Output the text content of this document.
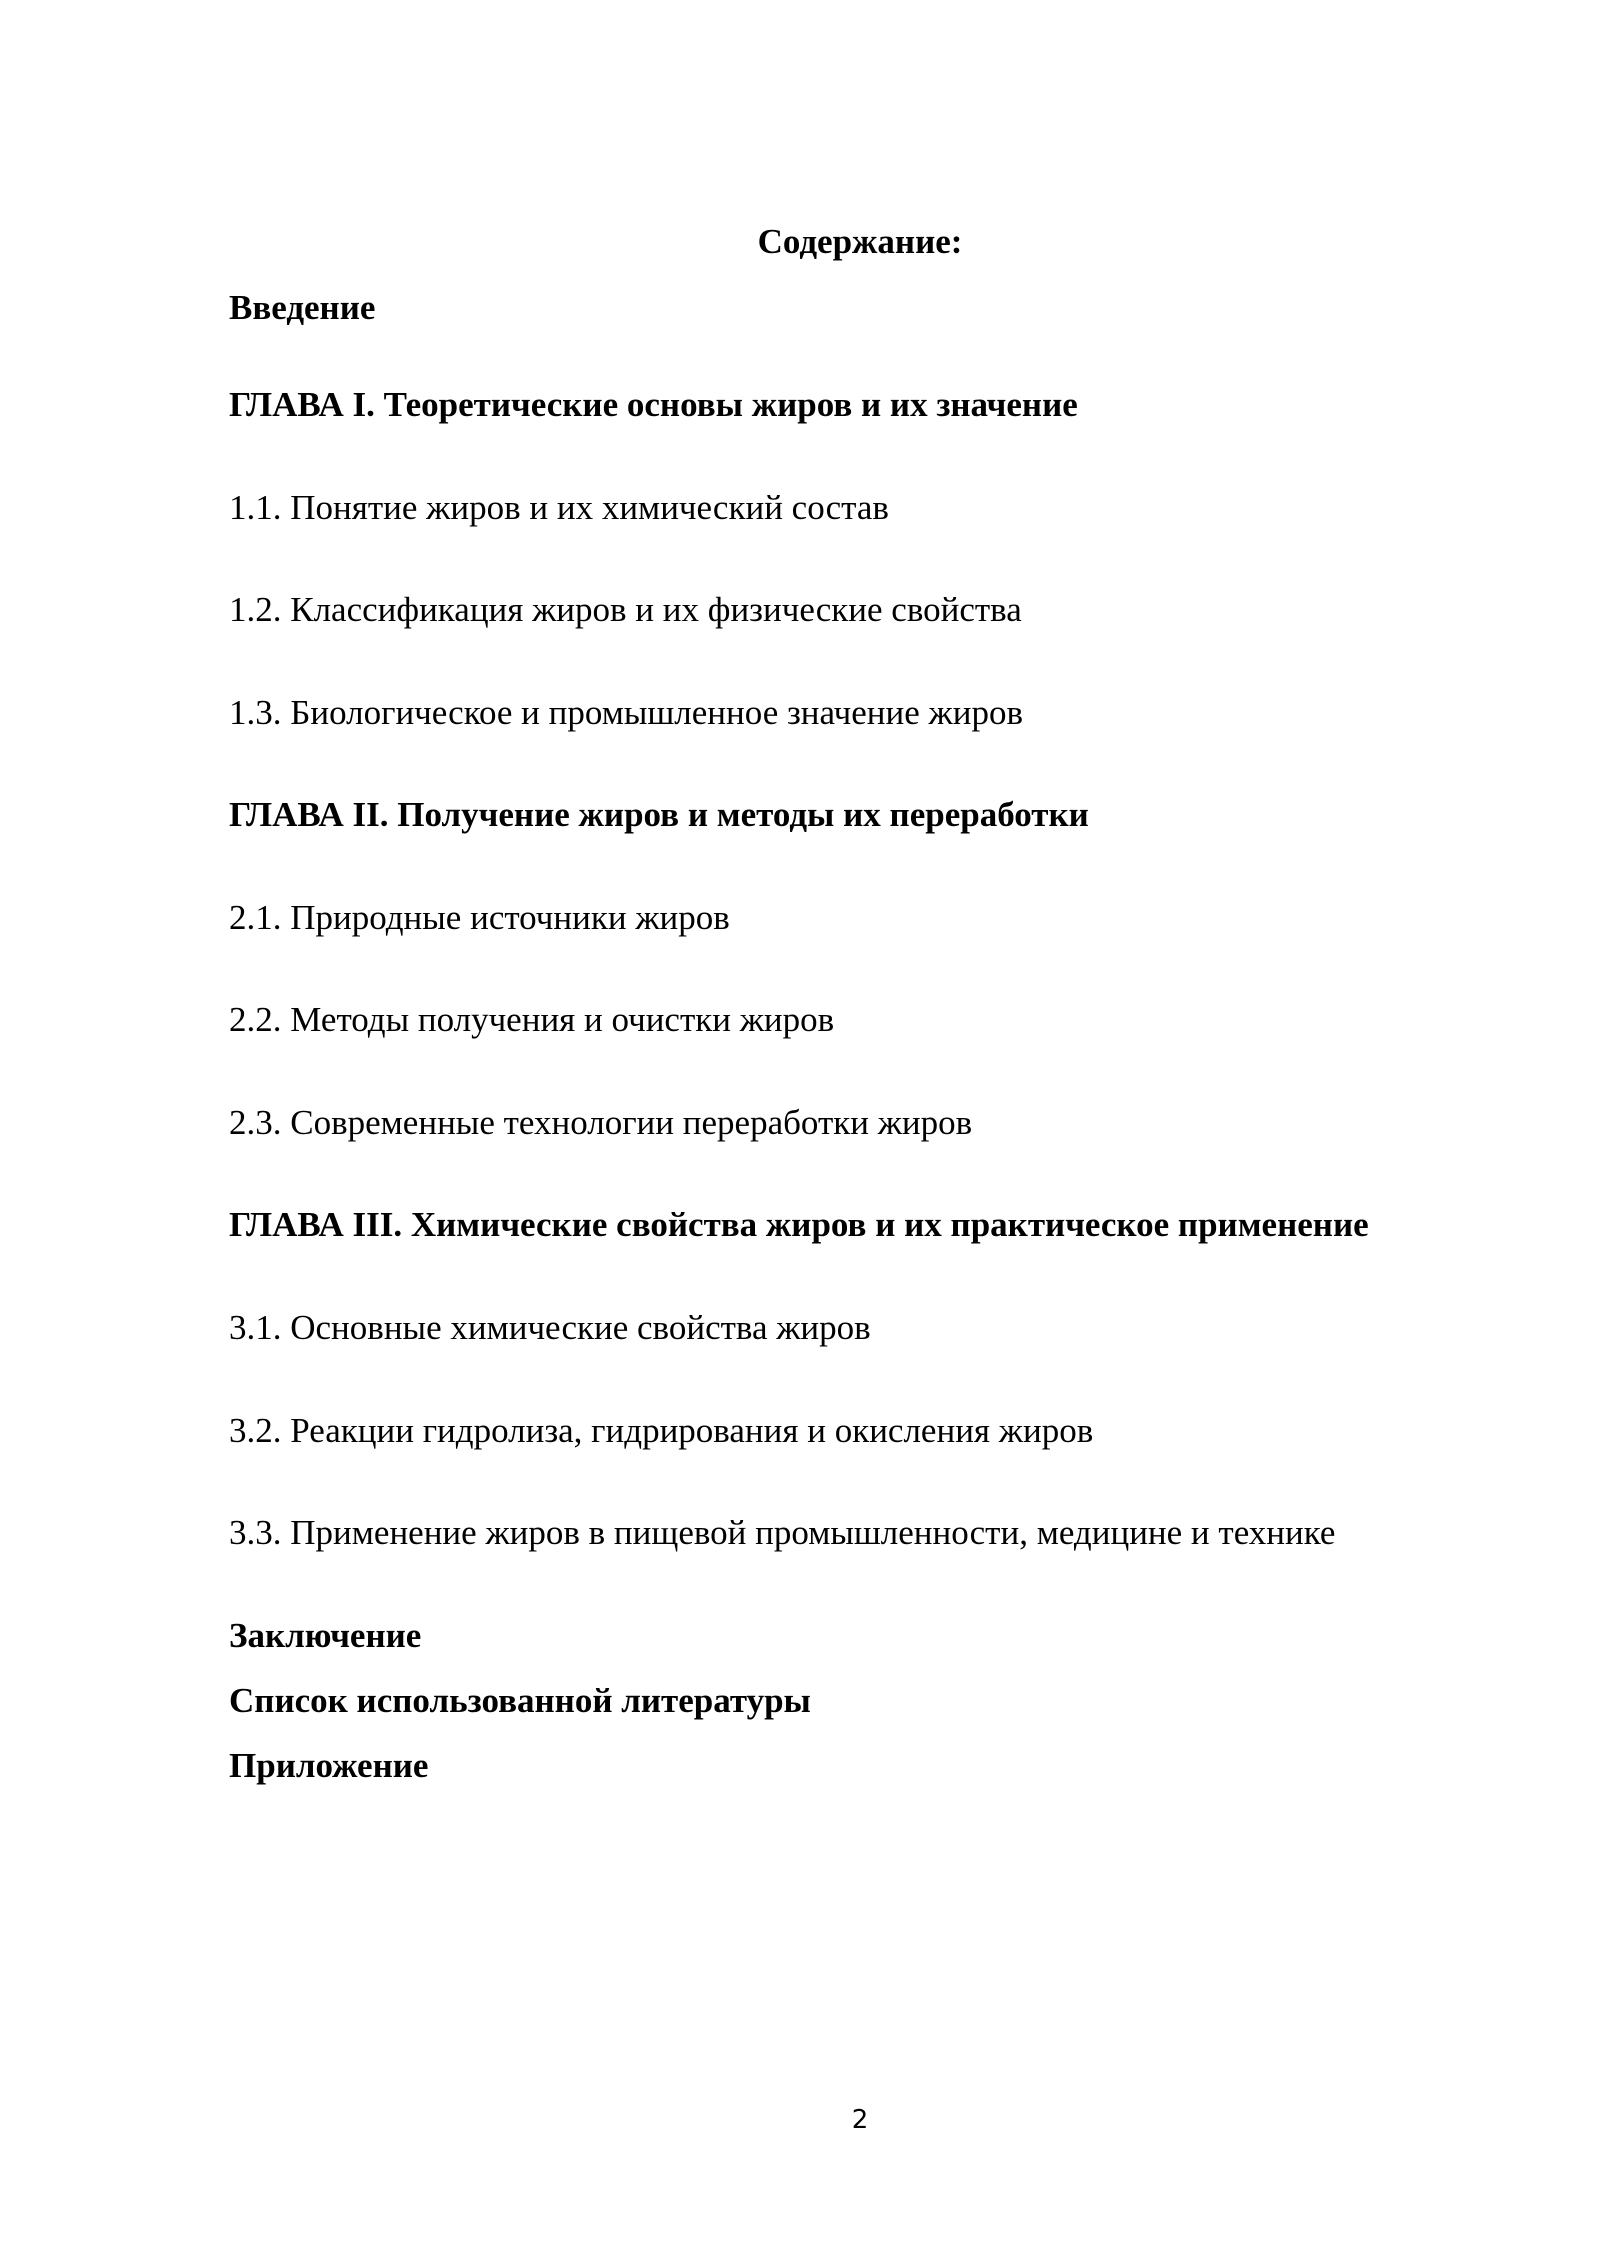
Содержание:
Введение
ГЛАВА I. Теоретические основы жиров и их значение
1.1. Понятие жиров и их химический состав
1.2. Классификация жиров и их физические свойства
1.3. Биологическое и промышленное значение жиров
ГЛАВА II. Получение жиров и методы их переработки
2.1. Природные источники жиров
2.2. Методы получения и очистки жиров
2.3. Современные технологии переработки жиров
ГЛАВА III. Химические свойства жиров и их практическое применение
3.1. Основные химические свойства жиров
3.2. Реакции гидролиза, гидрирования и окисления жиров
3.3. Применение жиров в пищевой промышленности, медицине и технике
Заключение
Список использованной литературы
Приложение
2
